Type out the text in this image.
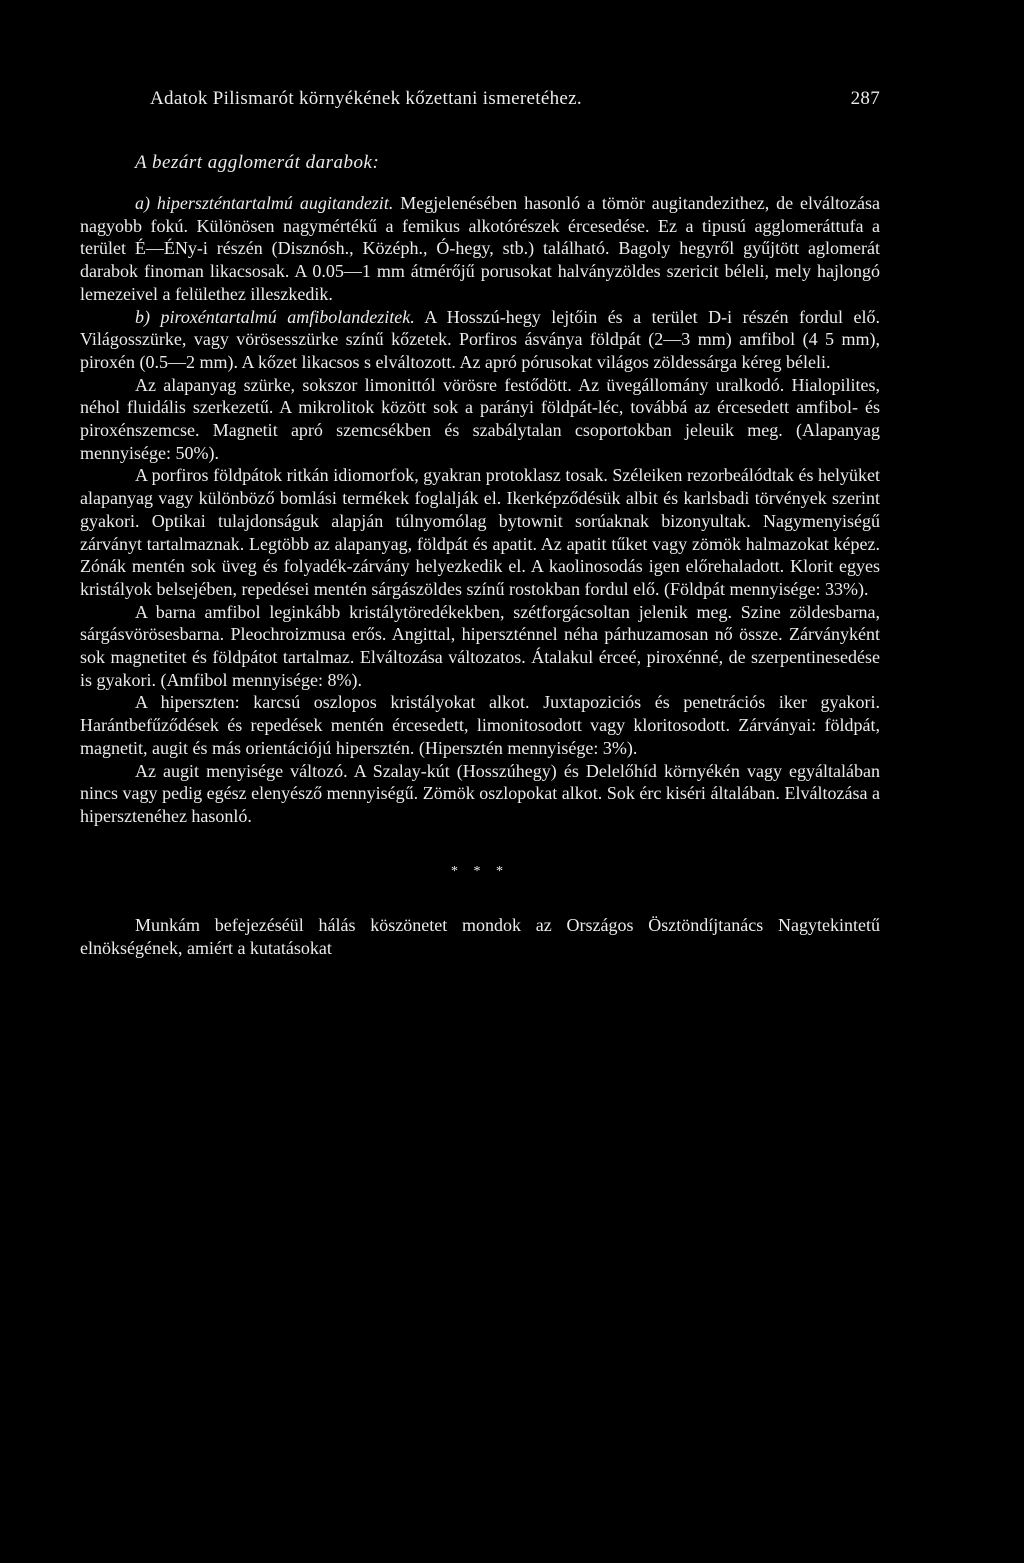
Adatok Pilismarót környékének kőzettani ismeretéhez.	287
A bezárt agglomerát darabok:

a) hiperszténtartalmú augitandezit. Megjelenésében hasonló a tömör augitandezithez, de elváltozása nagyobb fokú. Különösen nagymértékű a femikus alkotórészek ércesedése. Ez a tipusú agglomeráttufa a terület É—ÉNy-i részén (Disznósh., Középh., Ó-hegy, stb.) található. Bagoly hegyről gyűjtött aglomerát darabok finoman likacsosak. A 0.05—1 mm átmérőjű porusokat halványzöldes szericit béleli, mely hajlongó lemezeivel a felülethez illeszkedik.

b) piroxéntartalmú amfibolandezitek. A Hosszú-hegy lejtőin és a terület D-i részén fordul elő. Világosszürke, vagy vörösesszürke színű kőzetek. Porfiros ásványa földpát (2—3 mm) amfibol (4 5 mm), piroxén (0.5—2 mm). A kőzet likacsos s elváltozott. Az apró pórusokat világos zöldessárga kéreg béleli.

Az alapanyag szürke, sokszor limonittól vörösre festődött. Az üvegállomány uralkodó. Hialopilites, néhol fluidális szerkezetű. A mikrolitok között sok a parányi földpát-léc, továbbá az ércesedett amfibol- és piroxénszemcse. Magnetit apró szemcsékben és szabálytalan csoportokban jeleuik meg. (Alapanyag mennyisége: 50%).

A porfiros földpátok ritkán idiomorfok, gyakran protoklasz tosak. Széleiken rezorbeálódtak és helyüket alapanyag vagy különböző bomlási termékek foglalják el. Ikerképződésük albit és karlsbadi törvények szerint gyakori. Optikai tulajdonságuk alapján túlnyomólag bytownit sorúaknak bizonyultak. Nagymenyiségű zárványt tartalmaznak. Legtöbb az alapanyag, földpát és apatit. Az apatit tűket vagy zömök halmazokat képez. Zónák mentén sok üveg és folyadék-zárvány helyezkedik el. A kaolinosodás igen előrehaladott. Klorit egyes kristályok belsejében, repedései mentén sárgászöldes színű rostokban fordul elő. (Földpát mennyisége: 33%).

A barna amfibol leginkább kristálytöredékekben, szétforgácsoltan jelenik meg. Szine zöldesbarna, sárgásvörösesbarna. Pleochroizmusa erős. Angittal, hiperszténnel néha párhuzamosan nő össze. Zárványként sok magnetitet és földpátot tartalmaz. Elváltozása változatos. Átalakul érceé, piroxénné, de szerpentinesedése is gyakori. (Amfibol mennyisége: 8%).

A hiperszten: karcsú oszlopos kristályokat alkot. Juxtapoziciós és penetrációs iker gyakori. Harántbefűződések és repedések mentén ércesedett, limonitosodott vagy kloritosodott. Zárványai: földpát, magnetit, augit és más orientációjú hipersztén. (Hipersztén mennyisége: 3%).

Az augit menyisége változó. A Szalay-kút (Hosszúhegy) és Delelőhíd környékén vagy egyáltalában nincs vagy pedig egész elenyésző mennyiségű. Zömök oszlopokat alkot. Sok érc kiséri általában. Elváltozása a hipersztenéhez hasonló.

* * *

Munkám befejezéséül hálás köszönetet mondok az Országos Ösztöndíjtanács Nagytekintetű elnökségének, amiért a kutatásokat
